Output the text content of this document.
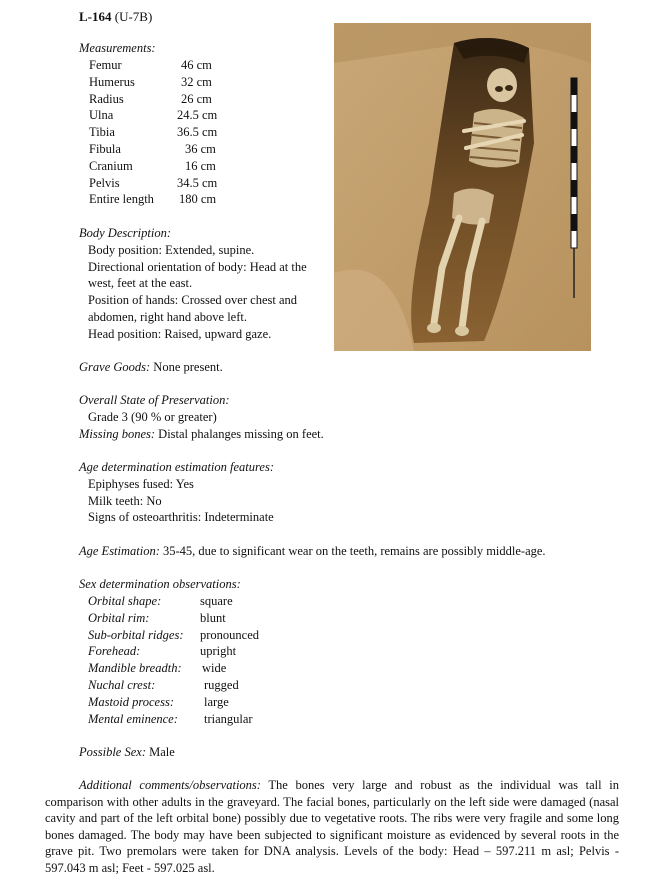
L-164 (U-7B)
Measurements:
Femur	46 cm
Humerus	32 cm
Radius	26 cm
Ulna	24.5 cm
Tibia	36.5 cm
Fibula	36 cm
Cranium	16 cm
Pelvis	34.5 cm
Entire length 180 cm
Body Description:
Body position: Extended, supine.
Directional orientation of body: Head at the
west, feet at the east.
Position of hands: Crossed over chest and
abdomen, right hand above left.
Head position: Raised, upward gaze.
Grave Goods: None present.
Overall State of Preservation:
Grade 3 (90 % or greater)
Missing bones: Distal phalanges missing on feet.
Age determination estimation features:
Epiphyses fused: Yes
Milk teeth: No
Signs of osteoarthritis: Indeterminate
Age Estimation: 35-45, due to significant wear on the teeth, remains are possibly middle-age.
Sex determination observations:
Orbital shape:	square
Orbital rim:	blunt
Sub-orbital ridges: pronounced
Forehead:	upright
Mandible breadth: wide
Nuchal crest:	rugged
Mastoid process: large
Mental eminence: triangular
Possible Sex: Male
Additional comments/observations: The bones very large and robust as the individual was tall in comparison with other adults in the graveyard. The facial bones, particularly on the left side were damaged (nasal cavity and part of the left orbital bone) possibly due to vegetative roots. The ribs were very fragile and some long bones damaged. The body may have been subjected to significant moisture as evidenced by several roots in the grave pit. Two premolars were taken for DNA analysis. Levels of the body: Head – 597.211 m asl; Pelvis - 597.043 m asl; Feet - 597.025 asl.
